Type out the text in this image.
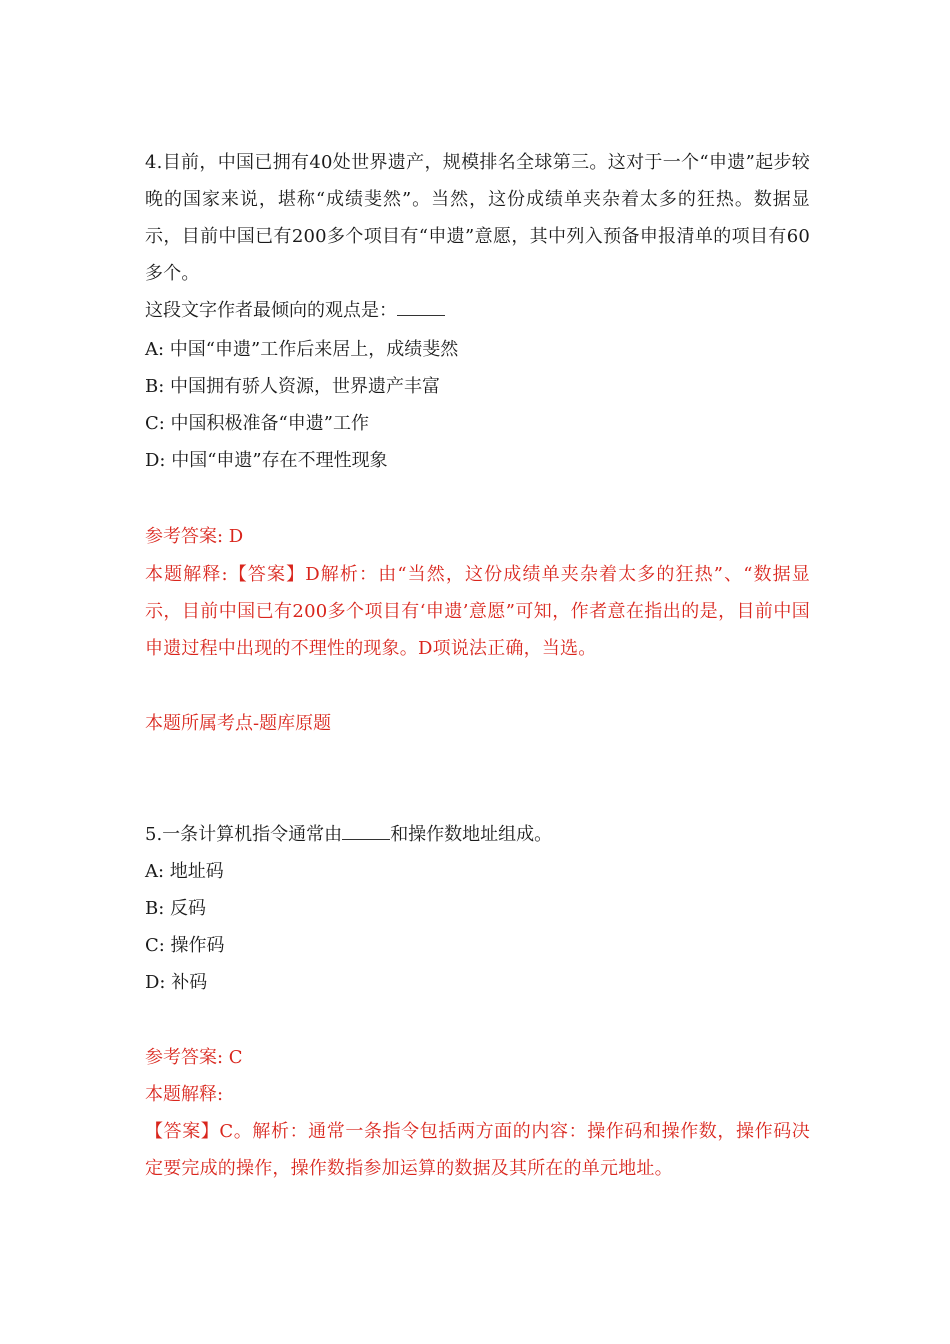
4.目前，中国已拥有40处世界遗产，规模排名全球第三。这对于一个“申遗”起步较晚的国家来说，堪称“成绩斐然”。当然，这份成绩单夹杂着太多的狂热。数据显示，目前中国已有200多个项目有“申遗”意愿，其中列入预备申报清单的项目有60多个。

这段文字作者最倾向的观点是：

A: 中国“申遗”工作后来居上，成绩斐然

B: 中国拥有骄人资源，世界遗产丰富

C: 中国积极准备“申遗”工作

D: 中国“申遗”存在不理性现象

参考答案: D

本题解释:【答案】D解析：由“当然，这份成绩单夹杂着太多的狂热”、“数据显示，目前中国已有200多个项目有‘申遗’意愿”可知，作者意在指出的是，目前中国申遗过程中出现的不理性的现象。D项说法正确，当选。

本题所属考点-题库原题

5.一条计算机指令通常由	和操作数地址组成。

A: 地址码

B: 反码

C: 操作码

D: 补码

参考答案: C

本题解释:

【答案】C。解析：通常一条指令包括两方面的内容：操作码和操作数，操作码决定要完成的操作，操作数指参加运算的数据及其所在的单元地址。
